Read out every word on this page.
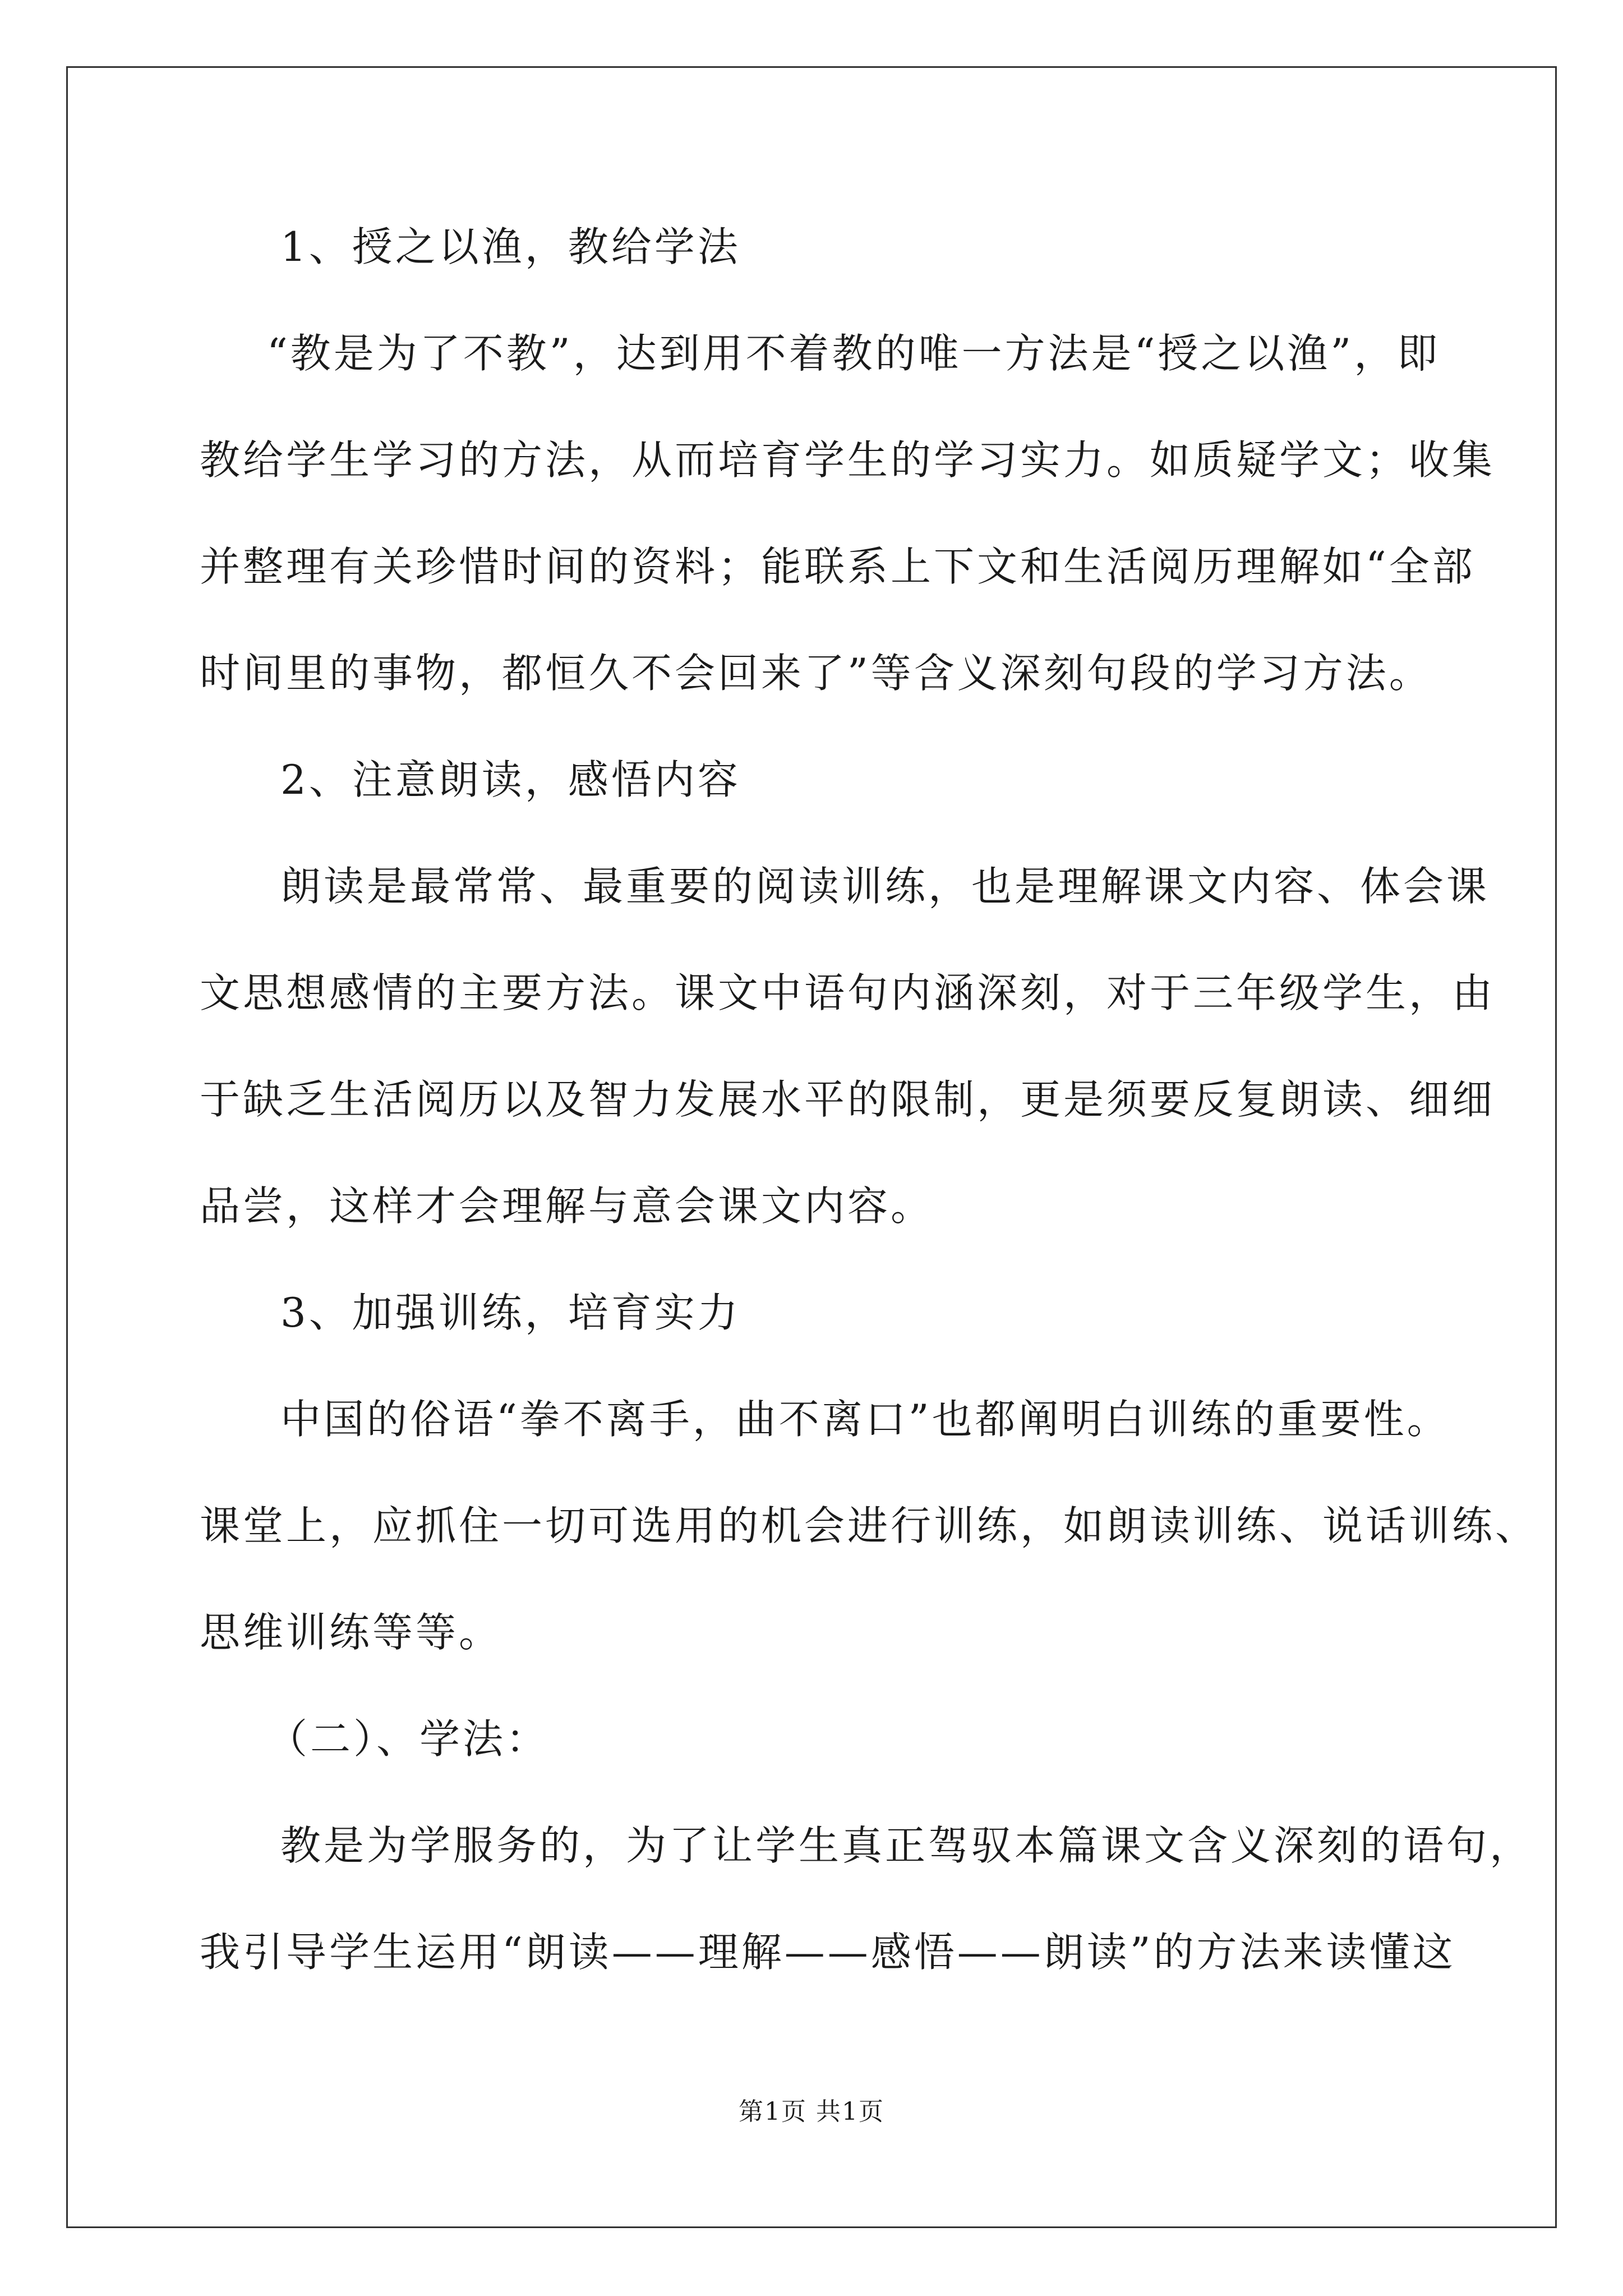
1、授之以渔，教给学法
“教是为了不教”，达到用不着教的唯一方法是“授之以渔”，即
教给学生学习的方法，从而培育学生的学习实力。如质疑学文；收集
并整理有关珍惜时间的资料；能联系上下文和生活阅历理解如“全部
时间里的事物，都恒久不会回来了”等含义深刻句段的学习方法。
2、注意朗读，感悟内容
朗读是最常常、最重要的阅读训练，也是理解课文内容、体会课
文思想感情的主要方法。课文中语句内涵深刻，对于三年级学生，由
于缺乏生活阅历以及智力发展水平的限制，更是须要反复朗读、细细
品尝，这样才会理解与意会课文内容。
3、加强训练，培育实力
中国的俗语“拳不离手，曲不离口”也都阐明白训练的重要性。
课堂上，应抓住一切可选用的机会进行训练，如朗读训练、说话训练、
思维训练等等。
（二）、学法：
教是为学服务的，为了让学生真正驾驭本篇课文含义深刻的语句，
我引导学生运用“朗读——理解——感悟——朗读”的方法来读懂这
第1页 共1页
